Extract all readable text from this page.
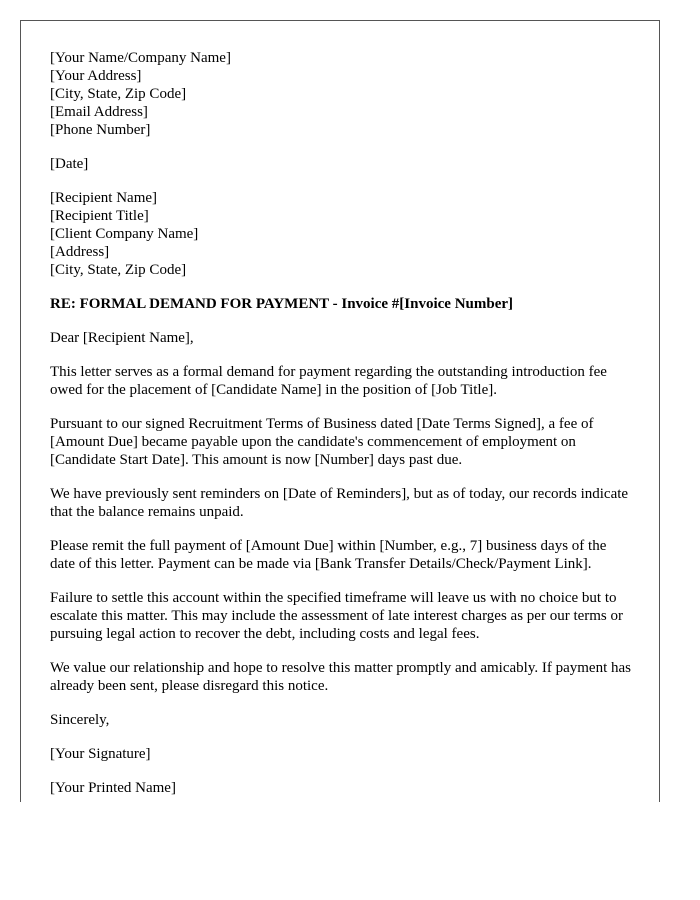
[Your Name/Company Name]
[Your Address]
[City, State, Zip Code]
[Email Address]
[Phone Number]
[Date]
[Recipient Name]
[Recipient Title]
[Client Company Name]
[Address]
[City, State, Zip Code]
RE: FORMAL DEMAND FOR PAYMENT - Invoice #[Invoice Number]

Dear [Recipient Name],

This letter serves as a formal demand for payment regarding the outstanding introduction fee owed for the placement of [Candidate Name] in the position of [Job Title].

Pursuant to our signed Recruitment Terms of Business dated [Date Terms Signed], a fee of [Amount Due] became payable upon the candidate's commencement of employment on [Candidate Start Date]. This amount is now [Number] days past due.

We have previously sent reminders on [Date of Reminders], but as of today, our records indicate that the balance remains unpaid.

Please remit the full payment of [Amount Due] within [Number, e.g., 7] business days of the date of this letter. Payment can be made via [Bank Transfer Details/Check/Payment Link].

Failure to settle this account within the specified timeframe will leave us with no choice but to escalate this matter. This may include the assessment of late interest charges as per our terms or pursuing legal action to recover the debt, including costs and legal fees.

We value our relationship and hope to resolve this matter promptly and amicably. If payment has already been sent, please disregard this notice.

Sincerely,

[Your Signature]

[Your Printed Name]
